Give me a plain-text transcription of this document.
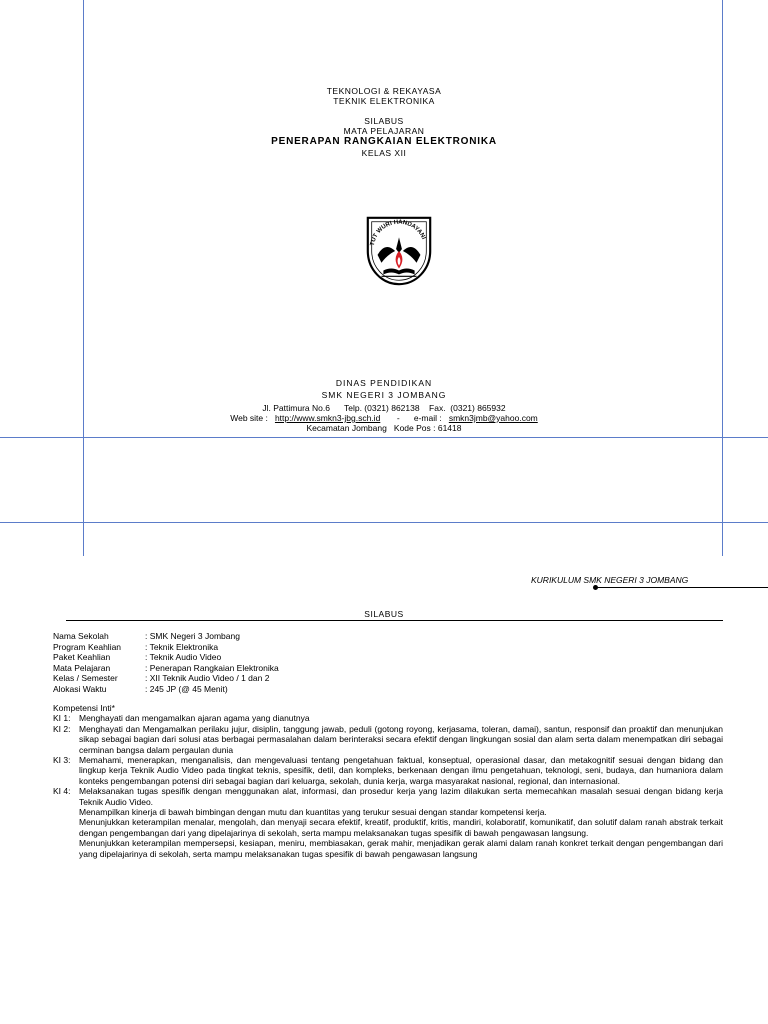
TEKNOLOGI & REKAYASA
TEKNIK ELEKTRONIKA
SILABUS
MATA PELAJARAN
PENERAPAN RANGKAIAN ELEKTRONIKA
KELAS XII
TUT WURI HANDAYANI
DINAS PENDIDIKAN
SMK NEGERI 3 JOMBANG
Jl. Pattimura No.6      Telp. (0321) 862138    Fax.  (0321) 865932
Web site : http://www.smkn3-jbg.sch.id -      e-mail : smkn3jmb@yahoo.com
Kecamatan Jombang   Kode Pos : 61418
KURIKULUM SMK NEGERI 3 JOMBANG
SILABUS
Nama Sekolah	: SMK Negeri 3 Jombang
Program Keahlian	: Teknik Elektronika
Paket Keahlian	: Teknik Audio Video
Mata Pelajaran	: Penerapan Rangkaian Elektronika
Kelas / Semester	: XII Teknik Audio Video / 1 dan 2
Alokasi Waktu	: 245 JP (@ 45 Menit)
Kompetensi Inti*
KI 1:	Menghayati dan mengamalkan ajaran agama yang dianutnya
KI 2:	Menghayati dan Mengamalkan perilaku jujur, disiplin, tanggung jawab, peduli (gotong royong, kerjasama, toleran, damai), santun, responsif dan proaktif dan menunjukan sikap sebagai bagian dari solusi atas berbagai permasalahan dalam berinteraksi secara efektif dengan lingkungan sosial dan alam serta dalam menempatkan diri sebagai cerminan bangsa dalam pergaulan dunia
KI 3:	Memahami, menerapkan, menganalisis, dan mengevaluasi tentang pengetahuan faktual, konseptual, operasional dasar, dan metakognitif sesuai dengan bidang dan lingkup kerja Teknik Audio Video pada tingkat teknis, spesifik, detil, dan kompleks, berkenaan dengan ilmu pengetahuan, teknologi, seni, budaya, dan humaniora dalam konteks pengembangan potensi diri sebagai bagian dari keluarga, sekolah, dunia kerja, warga masyarakat nasional, regional, dan internasional.
KI 4:	Melaksanakan tugas spesifik dengan menggunakan alat, informasi, dan prosedur kerja yang lazim dilakukan serta memecahkan masalah sesuai dengan bidang kerja Teknik Audio Video.
Menampilkan kinerja di bawah bimbingan dengan mutu dan kuantitas yang terukur sesuai dengan standar kompetensi kerja.
Menunjukkan keterampilan menalar, mengolah, dan menyaji secara efektif, kreatif, produktif, kritis, mandiri, kolaboratif, komunikatif, dan solutif dalam ranah abstrak terkait dengan pengembangan dari yang dipelajarinya di sekolah, serta mampu melaksanakan tugas spesifik di bawah pengawasan langsung.
Menunjukkan keterampilan mempersepsi, kesiapan, meniru, membiasakan, gerak mahir, menjadikan gerak alami dalam ranah konkret terkait dengan pengembangan dari yang dipelajarinya di sekolah, serta mampu melaksanakan tugas spesifik di bawah pengawasan langsung
